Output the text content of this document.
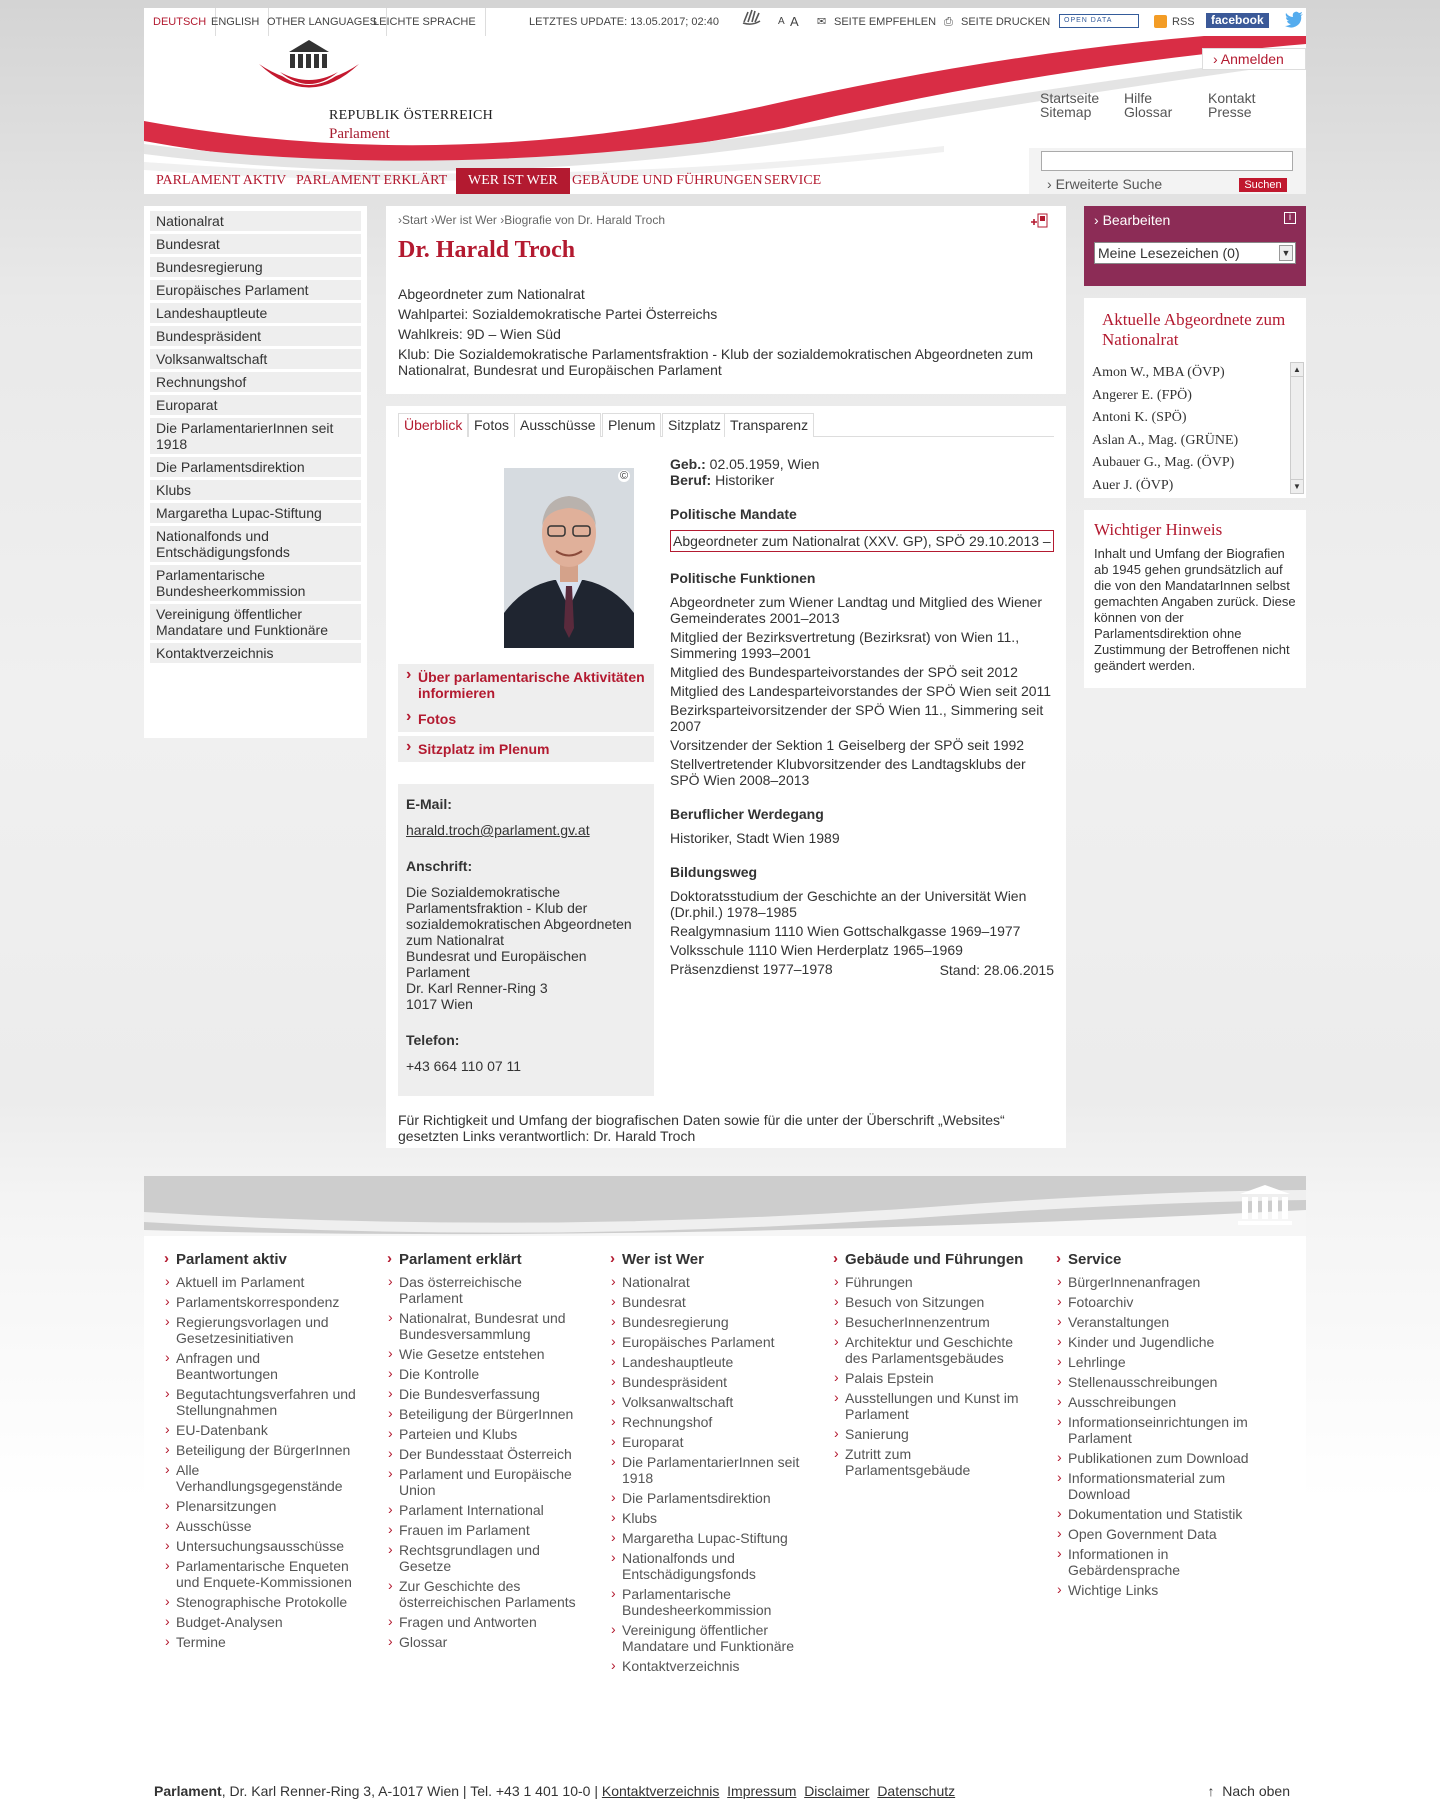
DEUTSCH ENGLISH OTHER LANGUAGES
LEICHTE SPRACHE	LETZTES UPDATE: 13.05.2017; 02:40	A A ✉ SEITE EMPFEHLEN ⎙ SEITE DRUCKEN	OPEN DATA	RSS	facebook
REPUBLIK ÖSTERREICH
Parlament
› Anmelden
Startseite
Sitemap
Hilfe
Glossar
Kontakt
Presse
PARLAMENT AKTIV PARLAMENT ERKLÄRT	WER IST WER	GEBÄUDE UND FÜHRUNGEN SERVICE	› Erweiterte Suche	Suchen
Nationalrat
Bundesrat
Bundesregierung
Europäisches Parlament
Landeshauptleute
Bundespräsident
Volksanwaltschaft
Rechnungshof
Europarat
Die ParlamentarierInnen seit 1918
Die Parlamentsdirektion
Klubs
Margaretha Lupac-Stiftung
Nationalfonds und Entschädigungsfonds
Parlamentarische Bundesheerkommission
Vereinigung öffentlicher Mandatare und Funktionäre
Kontaktverzeichnis
›Start ›Wer ist Wer ›Biografie von Dr. Harald Troch
Dr. Harald Troch
Abgeordneter zum Nationalrat
Wahlpartei: Sozialdemokratische Partei Österreichs
Wahlkreis: 9D – Wien Süd
Klub: Die Sozialdemokratische Parlamentsfraktion - Klub der sozialdemokratischen Abgeordneten zum Nationalrat, Bundesrat und Europäischen Parlament
Überblick Fotos Ausschüsse Plenum Sitzplatz Transparenz
©
› Über parlamentarische Aktivitäten informieren
› Fotos
› Sitzplatz im Plenum
E-Mail:
harald.troch@parlament.gv.at
Anschrift:
Die Sozialdemokratische Parlamentsfraktion - Klub der sozialdemokratischen Abgeordneten zum Nationalrat
Bundesrat und Europäischen Parlament
Dr. Karl Renner-Ring 3
1017 Wien
Telefon:
+43 664 110 07 11
Geb.: 02.05.1959, Wien
Beruf: Historiker
Politische Mandate
Abgeordneter zum Nationalrat (XXV. GP), SPÖ 29.10.2013 –
Politische Funktionen
Abgeordneter zum Wiener Landtag und Mitglied des Wiener Gemeinderates 2001–2013
Mitglied der Bezirksvertretung (Bezirksrat) von Wien 11., Simmering 1993–2001
Mitglied des Bundesparteivorstandes der SPÖ seit 2012
Mitglied des Landesparteivorstandes der SPÖ Wien seit 2011
Bezirksparteivorsitzender der SPÖ Wien 11., Simmering seit 2007
Vorsitzender der Sektion 1 Geiselberg der SPÖ seit 1992
Stellvertretender Klubvorsitzender des Landtagsklubs der SPÖ Wien 2008–2013
Beruflicher Werdegang
Historiker, Stadt Wien 1989
Bildungsweg
Doktoratsstudium der Geschichte an der Universität Wien (Dr.phil.) 1978–1985
Realgymnasium 1110 Wien Gottschalkgasse 1969–1977
Volksschule 1110 Wien Herderplatz 1965–1969
Präsenzdienst 1977–1978	Stand: 28.06.2015
Für Richtigkeit und Umfang der biografischen Daten sowie für die unter der Überschrift „Websites“ gesetzten Links verantwortlich: Dr. Harald Troch
› Bearbeiten	i
Meine Lesezeichen (0)	▼
Aktuelle Abgeordnete zum Nationalrat
Amon W., MBA (ÖVP)
Angerer E. (FPÖ)
Antoni K. (SPÖ)
Aslan A., Mag. (GRÜNE)
Aubauer G., Mag. (ÖVP)
Auer J. (ÖVP)
▲
▼
Wichtiger Hinweis
Inhalt und Umfang der Biografien ab 1945 gehen grundsätzlich auf die von den MandatarInnen selbst gemachten Angaben zurück. Diese können von der Parlamentsdirektion ohne Zustimmung der Betroffenen nicht geändert werden.
› Parlament aktiv
› Aktuell im Parlament
› Parlamentskorrespondenz
› Regierungsvorlagen und Gesetzesinitiativen
› Anfragen und Beantwortungen
› Begutachtungsverfahren und Stellungnahmen
› EU-Datenbank
› Beteiligung der BürgerInnen
› Alle Verhandlungsgegenstände
› Plenarsitzungen
› Ausschüsse
› Untersuchungsausschüsse
› Parlamentarische Enqueten und Enquete-Kommissionen
› Stenographische Protokolle
› Budget-Analysen
› Termine
› Parlament erklärt
› Das österreichische Parlament
› Nationalrat, Bundesrat und Bundesversammlung
› Wie Gesetze entstehen
› Die Kontrolle
› Die Bundesverfassung
› Beteiligung der BürgerInnen
› Parteien und Klubs
› Der Bundesstaat Österreich
› Parlament und Europäische Union
› Parlament International
› Frauen im Parlament
› Rechtsgrundlagen und Gesetze
› Zur Geschichte des österreichischen Parlaments
› Fragen und Antworten
› Glossar
› Wer ist Wer
› Nationalrat
› Bundesrat
› Bundesregierung
› Europäisches Parlament
› Landeshauptleute
› Bundespräsident
› Volksanwaltschaft
› Rechnungshof
› Europarat
› Die ParlamentarierInnen seit 1918
› Die Parlamentsdirektion
› Klubs
› Margaretha Lupac-Stiftung
› Nationalfonds und Entschädigungsfonds
› Parlamentarische Bundesheerkommission
› Vereinigung öffentlicher Mandatare und Funktionäre
› Kontaktverzeichnis
› Gebäude und Führungen
› Führungen
› Besuch von Sitzungen
› BesucherInnenzentrum
› Architektur und Geschichte des Parlamentsgebäudes
› Palais Epstein
› Ausstellungen und Kunst im Parlament
› Sanierung
› Zutritt zum Parlamentsgebäude
› Service
› BürgerInnenanfragen
› Fotoarchiv
› Veranstaltungen
› Kinder und Jugendliche
› Lehrlinge
› Stellenausschreibungen
› Ausschreibungen
› Informationseinrichtungen im Parlament
› Publikationen zum Download
› Informationsmaterial zum Download
› Dokumentation und Statistik
› Open Government Data
› Informationen in Gebärdensprache
› Wichtige Links
Parlament, Dr. Karl Renner-Ring 3, A-1017 Wien | Tel. +43 1 401 10-0 | Kontaktverzeichnis Impressum Disclaimer Datenschutz	↑ Nach oben
